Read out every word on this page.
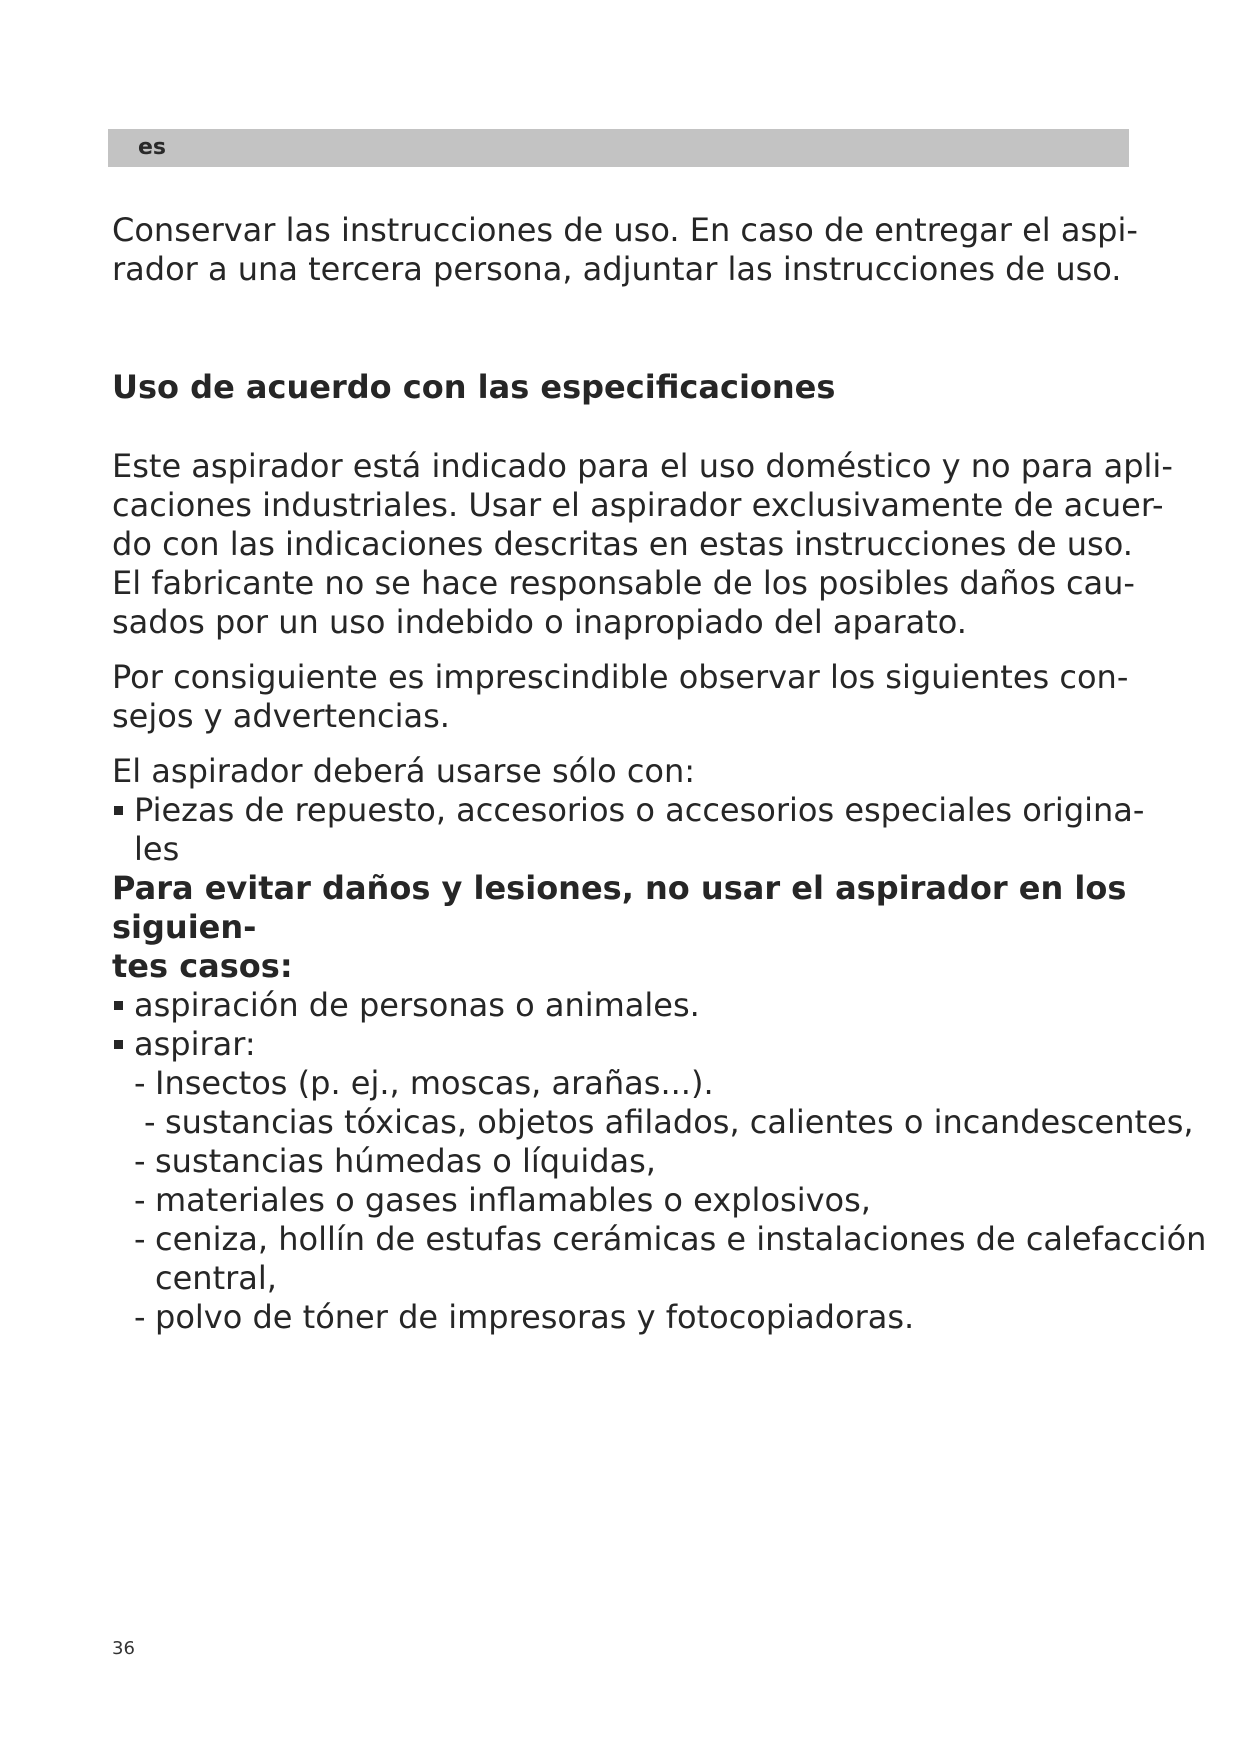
es

Conservar las instrucciones de uso. En caso de entregar el aspi-
rador a una tercera persona, adjuntar las instrucciones de uso.

Uso de acuerdo con las especificaciones

Este aspirador está indicado para el uso doméstico y no para apli-
caciones industriales. Usar el aspirador exclusivamente de acuer-
do con las indicaciones descritas en estas instrucciones de uso.
El fabricante no se hace responsable de los posibles daños cau-
sados por un uso indebido o inapropiado del aparato.

Por consiguiente es imprescindible observar los siguientes con-
sejos y advertencias.

El aspirador deberá usarse sólo con:

Piezas de repuesto, accesorios o accesorios especiales origina-
les

Para evitar daños y lesiones, no usar el aspirador en los siguien-
tes casos:

aspiración de personas o animales.
aspirar:
- Insectos (p. ej., moscas, arañas...).
- sustancias tóxicas, objetos afilados, calientes o incandescentes,
- sustancias húmedas o líquidas,
- materiales o gases inflamables o explosivos,
- ceniza, hollín de estufas cerámicas e instalaciones de calefacción
central,
- polvo de tóner de impresoras y fotocopiadoras.
36
